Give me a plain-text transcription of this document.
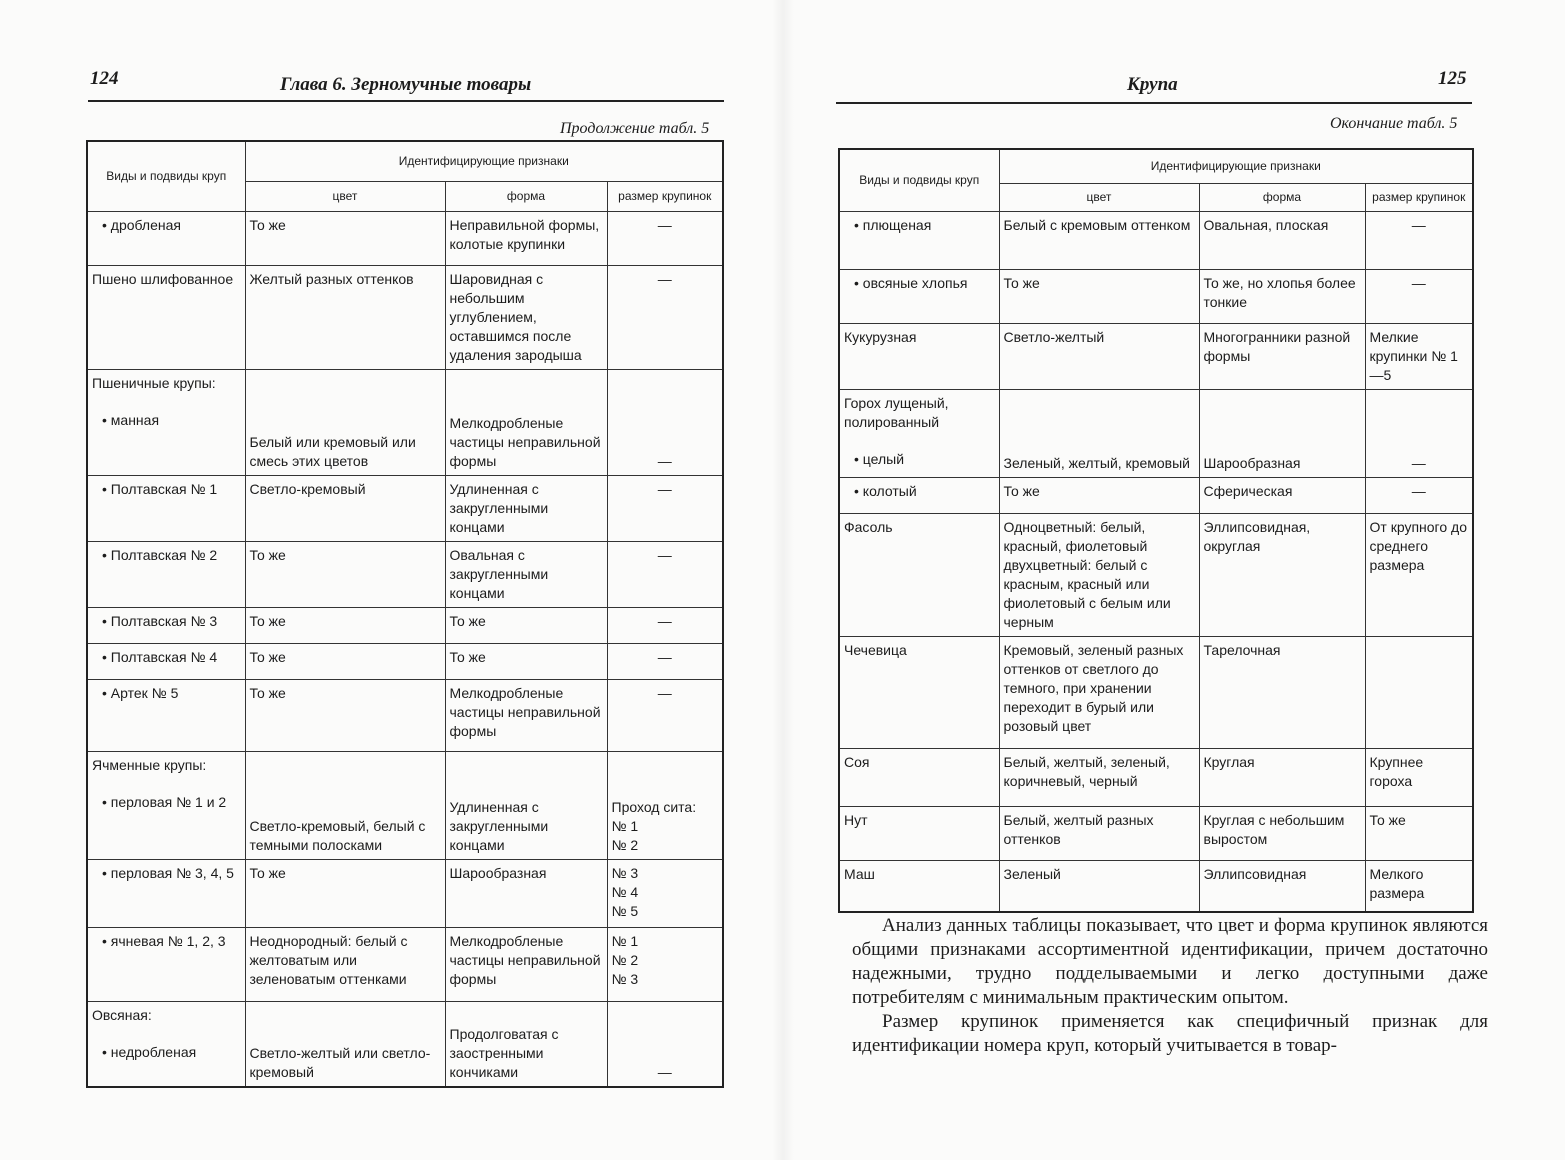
124	Глава 6. Зерномучные товары
Продолжение табл. 5
Виды и подвиды круп	Идентифицирующие признаки		
	цвет	форма	размер крупинок

• дробленая	То же	Неправильной формы, колотые крупинки	—
Пшено шлифованное	Желтый разных оттенков	Шаровидная с небольшим углублением, оставшимся после удаления зародыша	—

Пшеничные крупы:
• манная	Белый или кремовый или смесь этих цветов	Мелкодробленые частицы неправильной формы	—

• Полтавская № 1	Светло-кремовый	Удлиненная с закругленными концами	—

• Полтавская № 2	То же	Овальная с закругленными концами	—

• Полтавская № 3	То же	То же	—

• Полтавская № 4	То же	То же	—

• Артек № 5	То же	Мелкодробленые частицы неправильной формы	—

Ячменные крупы:
• перловая № 1 и 2	Светло-кремовый, белый с темными полосками	Удлиненная с закругленными концами	Проход сита:
№ 1
№ 2

• перловая № 3, 4, 5	То же	Шарообразная	№ 3
№ 4
№ 5

• ячневая № 1, 2, 3	Неоднородный: белый с желтоватым или зеленоватым оттенками	Мелкодробленые частицы неправильной формы	№ 1
№ 2
№ 3

Овсяная:
• недробленая	Светло-желтый или светло-кремовый	Продолговатая с заостренными кончиками	—
Крупа	125
Окончание табл. 5
Виды и подвиды круп	Идентифицирующие признаки		
	цвет	форма	размер крупинок

• плющеная	Белый с кремовым оттенком	Овальная, плоская	—

• овсяные хлопья	То же	То же, но хлопья более тонкие	—
Кукурузная	Светло-желтый	Многогранники разной формы	Мелкие крупинки № 1—5

Горох лущеный, полированный
• целый	Зеленый, желтый, кремовый	Шарообразная	—

• колотый	То же	Сферическая	—
Фасоль	Одноцветный: белый, красный, фиолетовый двухцветный: белый с красным, красный или фиолетовый с белым или черным	Эллипсовидная, округлая	От крупного до среднего размера
Чечевица	Кремовый, зеленый разных оттенков от светлого до темного, при хранении переходит в бурый или розовый цвет	Тарелочная	
Соя	Белый, желтый, зеленый, коричневый, черный	Круглая	Крупнее гороха
Нут	Белый, желтый разных оттенков	Круглая с небольшим выростом	То же
Маш	Зеленый	Эллипсовидная	Мелкого размера

Анализ данных таблицы показывает, что цвет и форма крупинок являются общими признаками ассортиментной идентификации, причем достаточно надежными, трудно подделываемыми и легко доступными даже потребителям с минимальным практическим опытом.

Размер крупинок применяется как специфичный признак для идентификации номера круп, который учитывается в товар-
